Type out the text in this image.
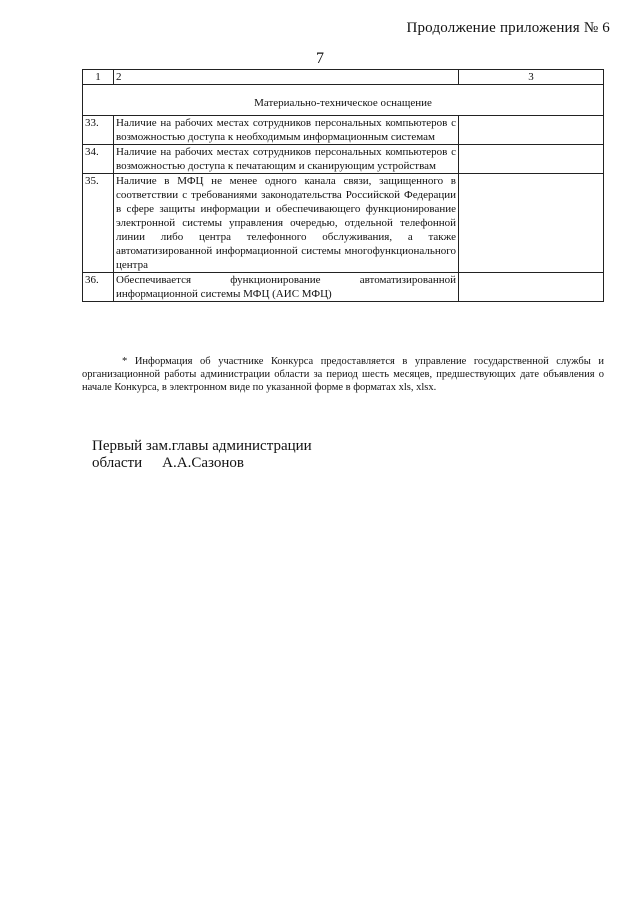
Продолжение приложения № 6
7
1	2	3
Материально-техническое оснащение		
33.	Наличие на рабочих местах сотрудников персональных компьютеров с возможностью доступа к необходимым информационным системам	
34.	Наличие на рабочих местах сотрудников персональных компьютеров с возможностью доступа к печатающим и сканирующим устройствам	
35.	Наличие в МФЦ не менее одного канала связи, защищенного в соответствии с требованиями законодательства Российской Федерации в сфере защиты информации и обеспечивающего функционирование электронной системы управления очередью, отдельной телефонной линии либо центра телефонного обслуживания, а также автоматизированной информационной системы многофункционального центра	
36.	Обеспечивается функционирование автоматизированной информационной системы МФЦ (АИС МФЦ)	
* Информация об участнике Конкурса предоставляется в управление государственной службы и организационной работы администрации области за период шесть месяцев, предшествующих дате объявления о начале Конкурса, в электронном виде по указанной форме в форматах xls, xlsx.
Первый зам.главы администрации
области А.А.Сазонов
